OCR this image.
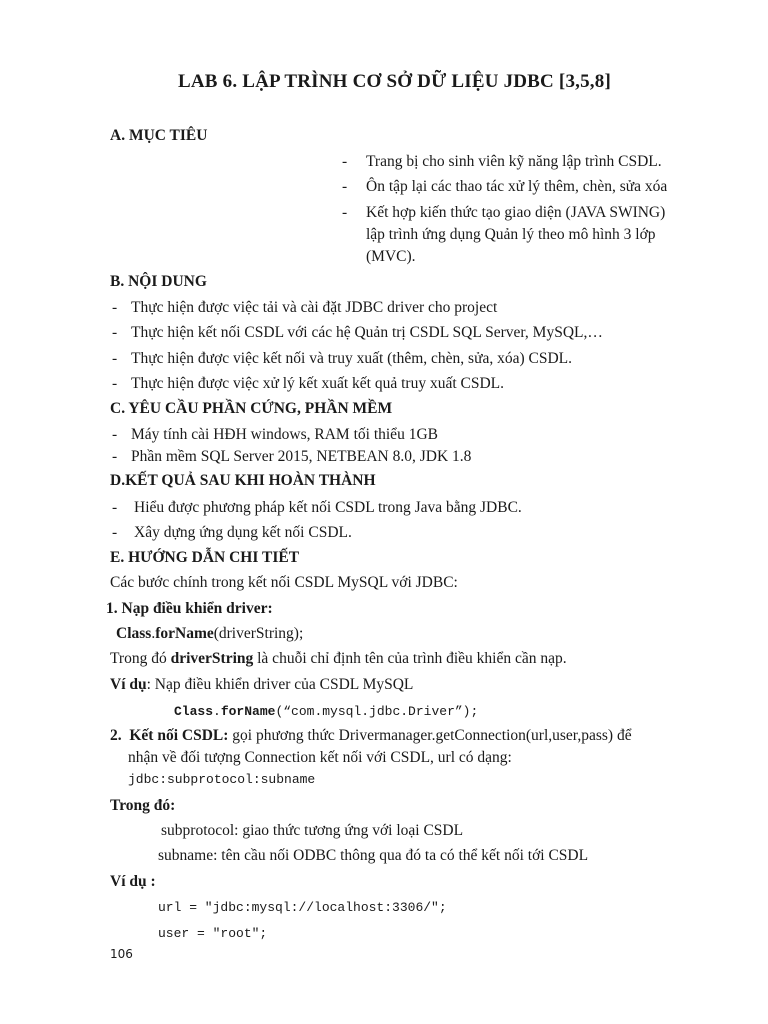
LAB 6. LẬP TRÌNH CƠ SỞ DỮ LIỆU JDBC [3,5,8]
A. MỤC TIÊU
- Trang bị cho sinh viên kỹ năng lập trình CSDL.
- Ôn tập lại các thao tác xử lý thêm, chèn, sửa xóa
- Kết hợp kiến thức tạo giao diện (JAVA SWING)
lập trình ứng dụng Quản lý theo mô hình 3 lớp
(MVC).
B. NỘI DUNG
- Thực hiện được việc tải và cài đặt JDBC driver cho project
- Thực hiện kết nối CSDL với các hệ Quản trị CSDL SQL Server, MySQL,…
- Thực hiện được việc kết nối và truy xuất (thêm, chèn, sửa, xóa) CSDL.
- Thực hiện được việc xử lý kết xuất kết quả truy xuất CSDL.
C. YÊU CẦU PHẦN CỨNG, PHẦN MỀM
- Máy tính cài HĐH windows, RAM tối thiểu 1GB
- Phần mềm SQL Server 2015, NETBEAN 8.0, JDK 1.8
D.KẾT QUẢ SAU KHI HOÀN THÀNH
- Hiểu được phương pháp kết nối CSDL trong Java bằng JDBC.
- Xây dựng ứng dụng kết nối CSDL.
E. HƯỚNG DẪN CHI TIẾT
Các bước chính trong kết nối CSDL MySQL với JDBC:
1. Nạp điều khiển driver:
Class.forName(driverString);
Trong đó driverString là chuỗi chỉ định tên của trình điều khiển cần nạp.
Ví dụ: Nạp điều khiển driver của CSDL MySQL
Class.forName(“com.mysql.jdbc.Driver”);
2. Kết nối CSDL: gọi phương thức Drivermanager.getConnection(url,user,pass) để
nhận về đối tượng Connection kết nối với CSDL, url có dạng:
jdbc:subprotocol:subname
Trong đó:
subprotocol: giao thức tương ứng với loại CSDL
subname: tên cầu nối ODBC thông qua đó ta có thể kết nối tới CSDL
Ví dụ :
url = "jdbc:mysql://localhost:3306/";
user = "root";
106
